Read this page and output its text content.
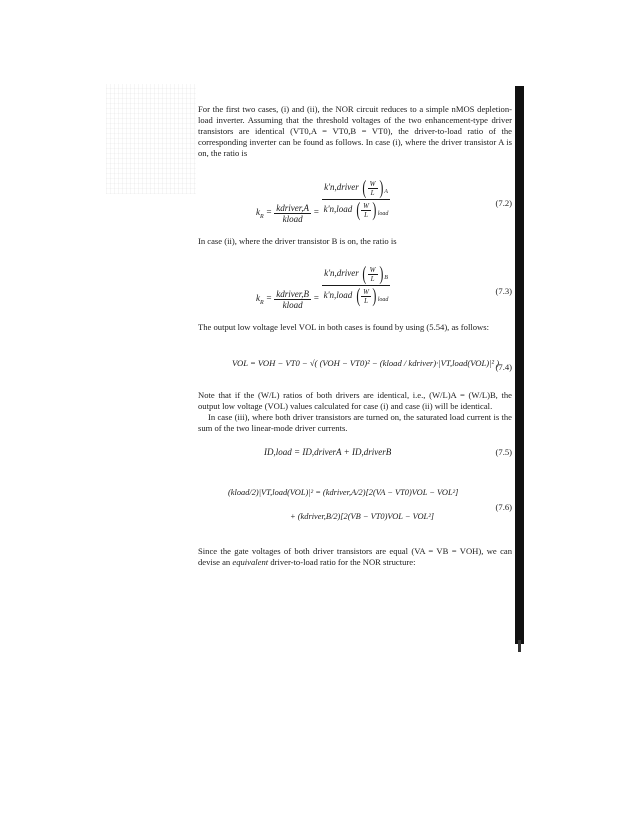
For the first two cases, (i) and (ii), the NOR circuit reduces to a simple nMOS depletion-load inverter. Assuming that the threshold voltages of the two enhancement-type driver transistors are identical (VT0,A = VT0,B = VT0), the driver-to-load ratio of the corresponding inverter can be found as follows. In case (i), where the driver transistor A is on, the ratio is

$k_R = \frac{\text{kdriver,A}}{\text{kload}} = \frac{k'n,driver ( \frac{W}{L} )_A}{k'n,load ( \frac{W}{L} )_{load}}$	(7.2)

In case (ii), where the driver transistor B is on, the ratio is

$k_R = \frac{\text{kdriver,B}}{\text{kload}} = \frac{k'n,driver ( \frac{W}{L} )_B}{k'n,load ( \frac{W}{L} )_{load}}$	(7.3)

The output low voltage level VOL in both cases is found by using (5.54), as follows:

VOL = VOH − VT0 − √( (VOH − VT0)² − (kload / kdriver)·|VT,load(VOL)|² )
(7.4)

Note that if the (W/L) ratios of both drivers are identical, i.e., (W/L)A = (W/L)B, the output low voltage (VOL) values calculated for case (i) and case (ii) will be identical.

In case (iii), where both driver transistors are turned on, the saturated load current is the sum of the two linear-mode driver currents.

ID,load = ID,driverA + ID,driverB	(7.5)
(kload/2)|VT,load(VOL)|² = (kdriver,A/2)[2(VA − VT0)VOL − VOL²]
+ (kdriver,B/2)[2(VB − VT0)VOL − VOL²]
(7.6)

Since the gate voltages of both driver transistors are equal (VA = VB = VOH), we can devise an equivalent driver-to-load ratio for the NOR structure:
